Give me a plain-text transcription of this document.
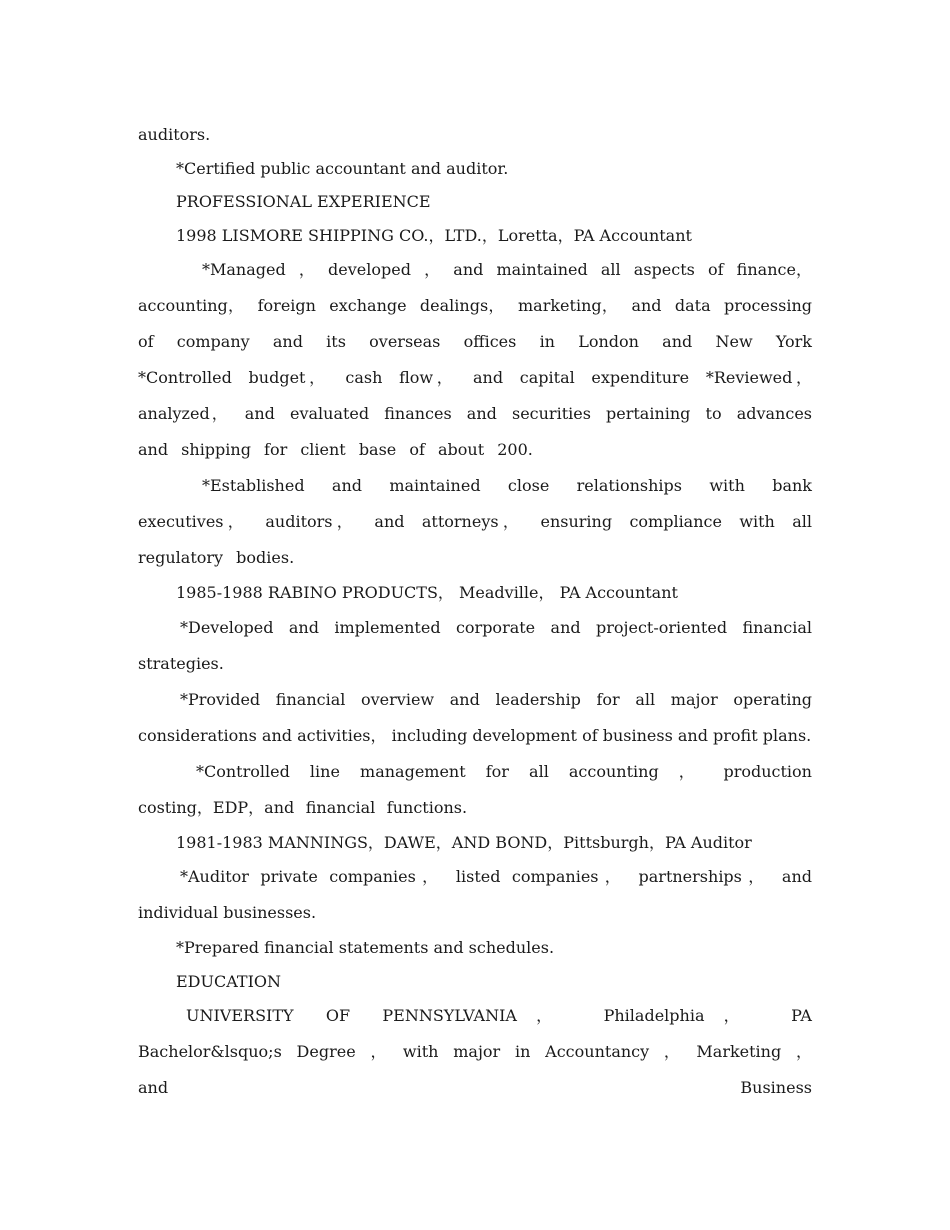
auditors.

*Certified public accountant and auditor.

PROFESSIONAL EXPERIENCE

1998 LISMORE SHIPPING CO.，LTD.，Loretta，PA Accountant

*Managed ， developed ， and maintained all aspects of finance， accounting， foreign exchange dealings， marketing， and data processing of company and its overseas offices in London and New York *Controlled budget， cash flow， and capital expenditure *Reviewed， analyzed， and evaluated finances and securities pertaining to advances and shipping for client base of about 200.

*Established and maintained close relationships with bank executives， auditors， and attorneys， ensuring compliance with all regulatory bodies.

1985-1988 RABINO PRODUCTS， Meadville， PA Accountant

*Developed and implemented corporate and project-oriented financial strategies.

*Provided financial overview and leadership for all major operating considerations and activities， including development of business and profit plans.

*Controlled line management for all accounting ， production costing，EDP，and financial functions.

1981-1983 MANNINGS，DAWE，AND BOND，Pittsburgh，PA Auditor

*Auditor private companies， listed companies， partnerships， and individual businesses.

*Prepared financial statements and schedules.

EDUCATION

UNIVERSITY OF PENNSYLVANIA， Philadelphia， PA Bachelor&lsquo;s Degree ， with major in Accountancy ， Marketing ， and Business
